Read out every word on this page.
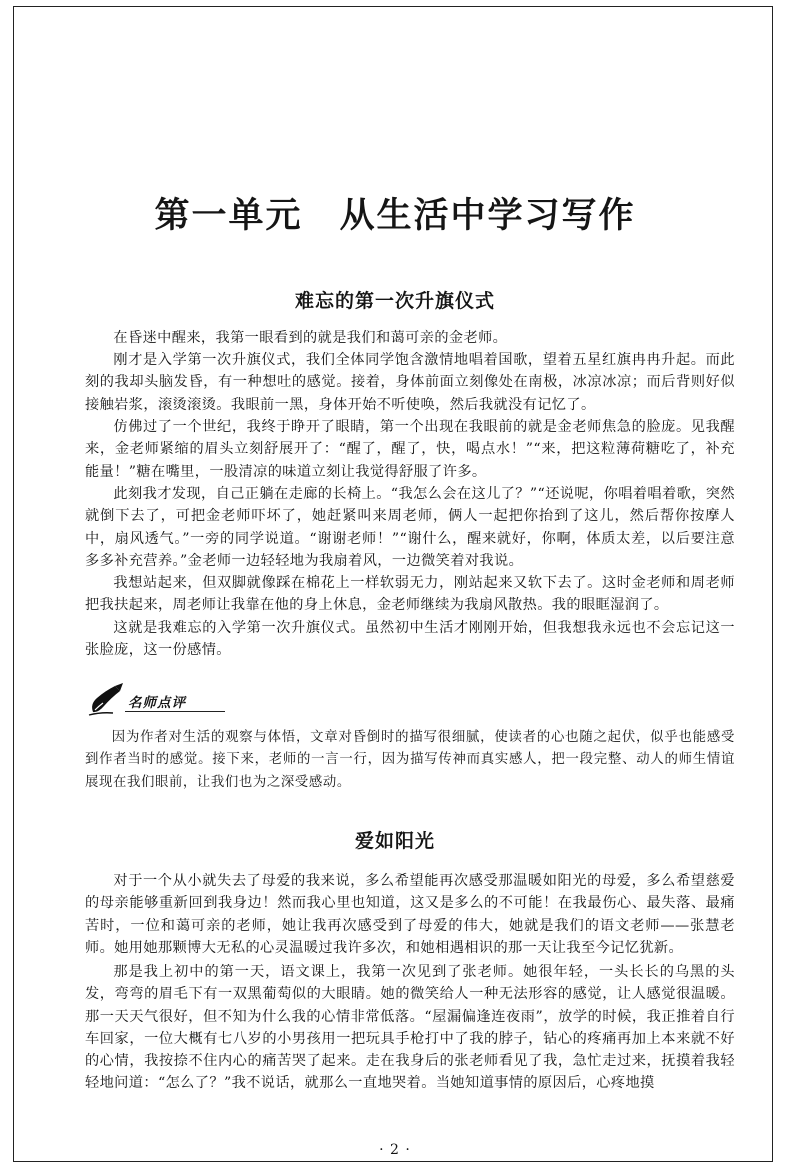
第一单元　从生活中学习写作
难忘的第一次升旗仪式

在昏迷中醒来，我第一眼看到的就是我们和蔼可亲的金老师。

刚才是入学第一次升旗仪式，我们全体同学饱含激情地唱着国歌，望着五星红旗冉冉升起。而此刻的我却头脑发昏，有一种想吐的感觉。接着，身体前面立刻像处在南极，冰凉冰凉；而后背则好似接触岩浆，滚烫滚烫。我眼前一黑，身体开始不听使唤，然后我就没有记忆了。

仿佛过了一个世纪，我终于睁开了眼睛，第一个出现在我眼前的就是金老师焦急的脸庞。见我醒来，金老师紧缩的眉头立刻舒展开了：“醒了，醒了，快，喝点水！”“来，把这粒薄荷糖吃了，补充能量！”糖在嘴里，一股清凉的味道立刻让我觉得舒服了许多。

此刻我才发现，自己正躺在走廊的长椅上。“我怎么会在这儿了？”“还说呢，你唱着唱着歌，突然就倒下去了，可把金老师吓坏了，她赶紧叫来周老师，俩人一起把你抬到了这儿，然后帮你按摩人中，扇风透气。”一旁的同学说道。“谢谢老师！”“谢什么，醒来就好，你啊，体质太差，以后要注意多多补充营养。”金老师一边轻轻地为我扇着风，一边微笑着对我说。

我想站起来，但双脚就像踩在棉花上一样软弱无力，刚站起来又软下去了。这时金老师和周老师把我扶起来，周老师让我靠在他的身上休息，金老师继续为我扇风散热。我的眼眶湿润了。

这就是我难忘的入学第一次升旗仪式。虽然初中生活才刚刚开始，但我想我永远也不会忘记这一张脸庞，这一份感情。

名师点评

因为作者对生活的观察与体悟，文章对昏倒时的描写很细腻，使读者的心也随之起伏，似乎也能感受到作者当时的感觉。接下来，老师的一言一行，因为描写传神而真实感人，把一段完整、动人的师生情谊展现在我们眼前，让我们也为之深受感动。

爱如阳光

对于一个从小就失去了母爱的我来说，多么希望能再次感受那温暖如阳光的母爱，多么希望慈爱的母亲能够重新回到我身边！然而我心里也知道，这又是多么的不可能！在我最伤心、最失落、最痛苦时，一位和蔼可亲的老师，她让我再次感受到了母爱的伟大，她就是我们的语文老师——张慧老师。她用她那颗博大无私的心灵温暖过我许多次，和她相遇相识的那一天让我至今记忆犹新。

那是我上初中的第一天，语文课上，我第一次见到了张老师。她很年轻，一头长长的乌黑的头发，弯弯的眉毛下有一双黑葡萄似的大眼睛。她的微笑给人一种无法形容的感觉，让人感觉很温暖。那一天天气很好，但不知为什么我的心情非常低落。“屋漏偏逢连夜雨”，放学的时候，我正推着自行车回家，一位大概有七八岁的小男孩用一把玩具手枪打中了我的脖子，钻心的疼痛再加上本来就不好的心情，我按捺不住内心的痛苦哭了起来。走在我身后的张老师看见了我，急忙走过来，抚摸着我轻轻地问道：“怎么了？”我不说话，就那么一直地哭着。当她知道事情的原因后，心疼地摸

· 2 ·
